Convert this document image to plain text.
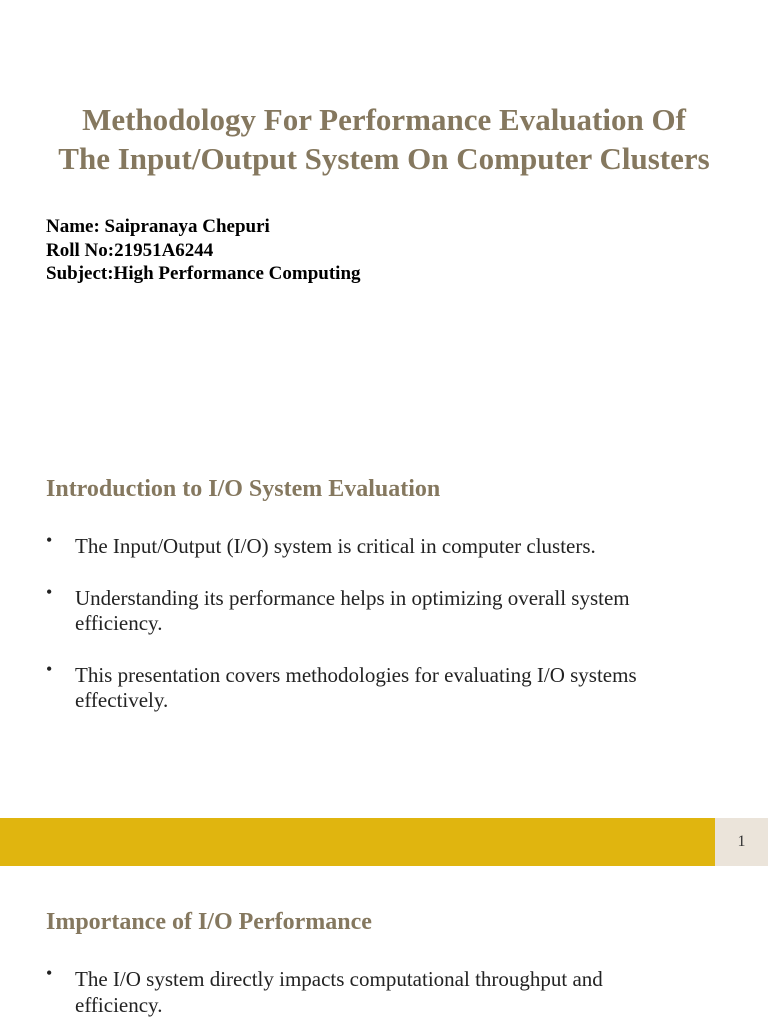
Methodology For Performance Evaluation Of
The Input/Output System On Computer Clusters
Name: Saipranaya Chepuri
Roll No:21951A6244
Subject:High Performance Computing
Introduction to I/O System Evaluation
• The Input/Output (I/O) system is critical in computer clusters.
• Understanding its performance helps in optimizing overall system efficiency.
• This presentation covers methodologies for evaluating I/O systems effectively.
1
Importance of I/O Performance
• The I/O system directly impacts computational throughput and efficiency.
